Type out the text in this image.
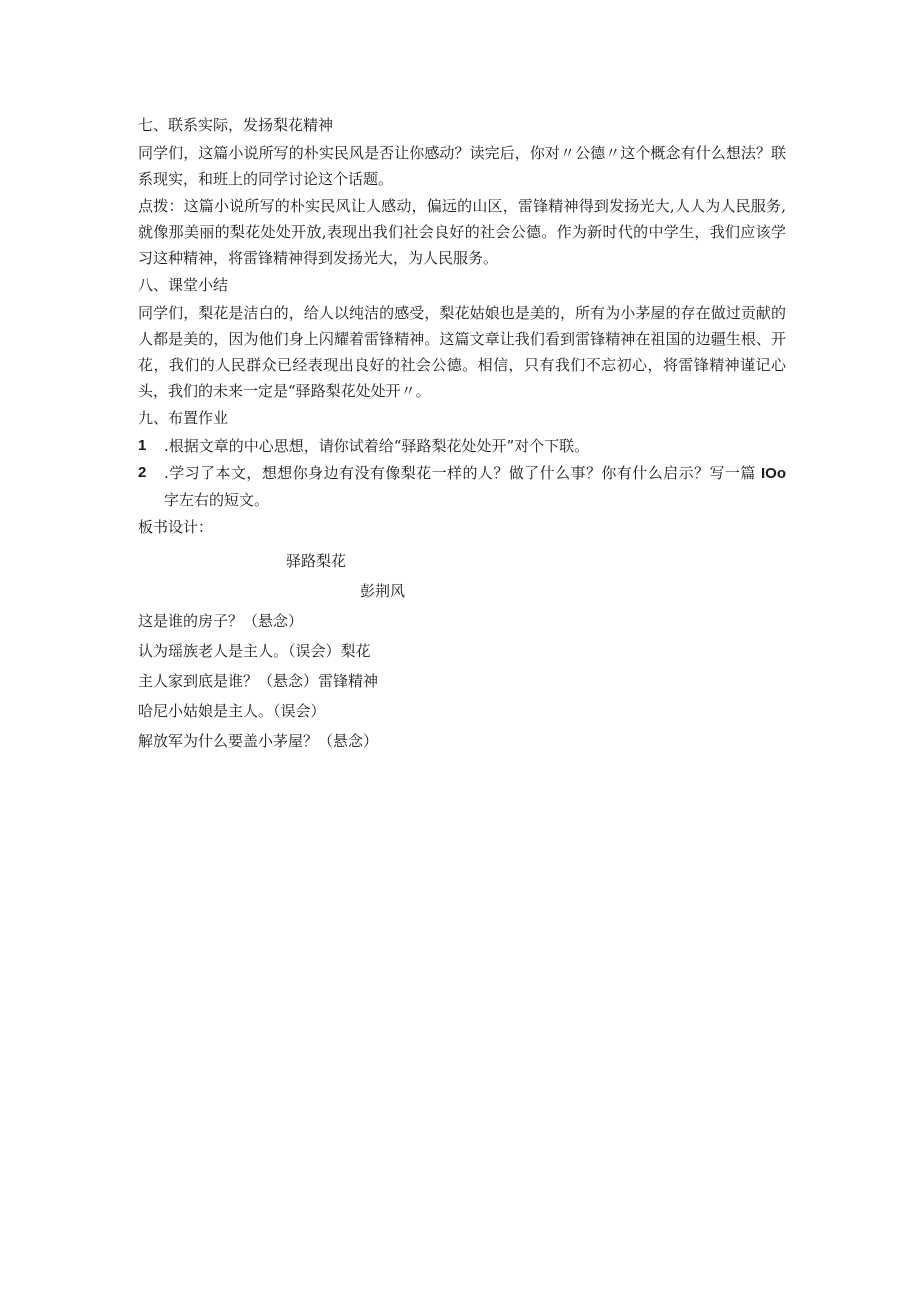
七、联系实际，发扬梨花精神

同学们，这篇小说所写的朴实民风是否让你感动？读完后，你对〃公德〃这个概念有什么想法？联系现实，和班上的同学讨论这个话题。

点拨：这篇小说所写的朴实民风让人感动，偏远的山区，雷锋精神得到发扬光大,人人为人民服务,就像那美丽的梨花处处开放,表现出我们社会良好的社会公德。作为新时代的中学生，我们应该学习这种精神，将雷锋精神得到发扬光大，为人民服务。

八、课堂小结

同学们，梨花是洁白的，给人以纯洁的感受，梨花姑娘也是美的，所有为小茅屋的存在做过贡献的人都是美的，因为他们身上闪耀着雷锋精神。这篇文章让我们看到雷锋精神在祖国的边疆生根、开花，我们的人民群众已经表现出良好的社会公德。相信，只有我们不忘初心，将雷锋精神谨记心头，我们的未来一定是“驿路梨花处处开〃。

九、布置作业

1	.根据文章的中心思想，请你试着给“驿路梨花处处开”对个下联。
2	.学习了本文，想想你身边有没有像梨花一样的人？做了什么事？你有什么启示？写一篇 IOo 字左右的短文。

板书设计：

驿路梨花

彭荆风

这是谁的房子？（悬念）

认为瑶族老人是主人。（误会）梨花

主人家到底是谁？（悬念）雷锋精神

哈尼小姑娘是主人。（误会）

解放军为什么要盖小茅屋？（悬念）
